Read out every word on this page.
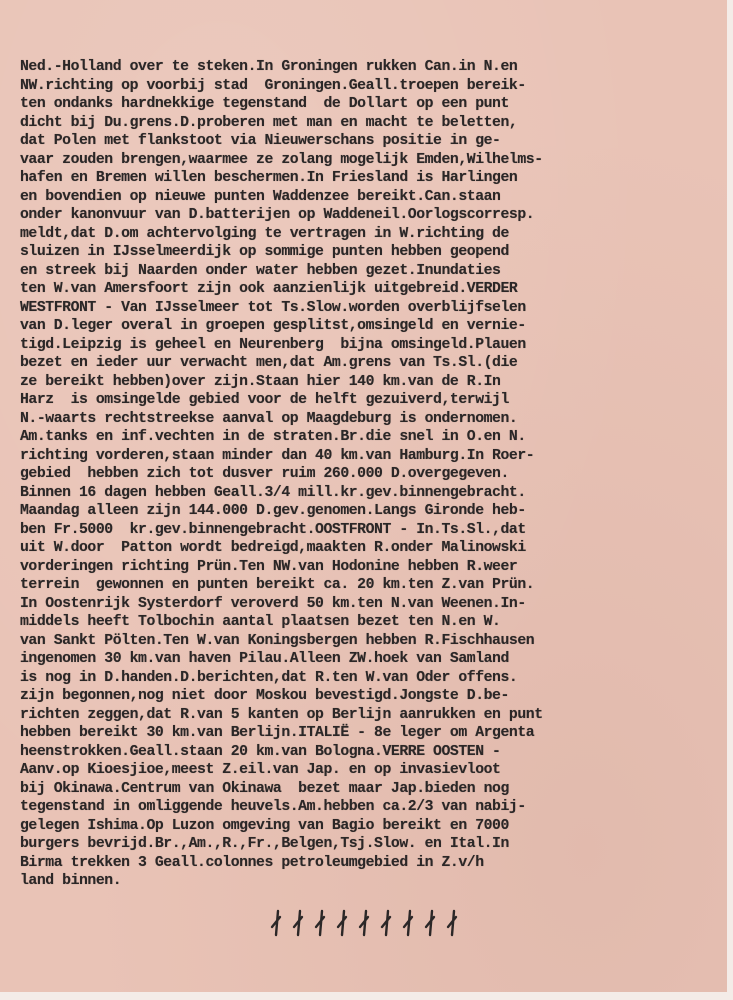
Ned.-Holland over te steken.In Groningen rukken Can.in N.en
NW.richting op voorbij stad  Groningen.Geall.troepen bereik-
ten ondanks hardnekkige tegenstand  de Dollart op een punt
dicht bij Du.grens.D.proberen met man en macht te beletten,
dat Polen met flankstoot via Nieuwerschans positie in ge-
vaar zouden brengen,waarmee ze zolang mogelijk Emden,Wilhelms-
hafen en Bremen willen beschermen.In Friesland is Harlingen
en bovendien op nieuwe punten Waddenzee bereikt.Can.staan
onder kanonvuur van D.batterijen op Waddeneil.Oorlogscorresp.
meldt,dat D.om achtervolging te vertragen in W.richting de
sluizen in IJsselmeerdijk op sommige punten hebben geopend
en streek bij Naarden onder water hebben gezet.Inundaties
ten W.van Amersfoort zijn ook aanzienlijk uitgebreid.VERDER
WESTFRONT - Van IJsselmeer tot Ts.Slow.worden overblijfselen
van D.leger overal in groepen gesplitst,omsingeld en vernie-
tigd.Leipzig is geheel en Neurenberg  bijna omsingeld.Plauen
bezet en ieder uur verwacht men,dat Am.grens van Ts.Sl.(die
ze bereikt hebben)over zijn.Staan hier 140 km.van de R.In
Harz  is omsingelde gebied voor de helft gezuiverd,terwijl
N.-waarts rechtstreekse aanval op Maagdeburg is ondernomen.
Am.tanks en inf.vechten in de straten.Br.die snel in O.en N.
richting vorderen,staan minder dan 40 km.van Hamburg.In Roer-
gebied  hebben zich tot dusver ruim 260.000 D.overgegeven.
Binnen 16 dagen hebben Geall.3/4 mill.kr.gev.binnengebracht.
Maandag alleen zijn 144.000 D.gev.genomen.Langs Gironde heb-
ben Fr.5000  kr.gev.binnengebracht.OOSTFRONT - In.Ts.Sl.,dat
uit W.door  Patton wordt bedreigd,maakten R.onder Malinowski
vorderingen richting Prün.Ten NW.van Hodonine hebben R.weer
terrein  gewonnen en punten bereikt ca. 20 km.ten Z.van Prün.
In Oostenrijk Systerdorf veroverd 50 km.ten N.van Weenen.In-
middels heeft Tolbochin aantal plaatsen bezet ten N.en W.
van Sankt Pölten.Ten W.van Koningsbergen hebben R.Fischhausen
ingenomen 30 km.van haven Pilau.Alleen ZW.hoek van Samland
is nog in D.handen.D.berichten,dat R.ten W.van Oder offens.
zijn begonnen,nog niet door Moskou bevestigd.Jongste D.be-
richten zeggen,dat R.van 5 kanten op Berlijn aanrukken en punt
hebben bereikt 30 km.van Berlijn.ITALIË - 8e leger om Argenta
heenstrokken.Geall.staan 20 km.van Bologna.VERRE OOSTEN -
Aanv.op Kioesjioe,meest Z.eil.van Jap. en op invasievloot
bij Okinawa.Centrum van Okinawa  bezet maar Jap.bieden nog
tegenstand in omliggende heuvels.Am.hebben ca.2/3 van nabij-
gelegen Ishima.Op Luzon omgeving van Bagio bereikt en 7000
burgers bevrijd.Br.,Am.,R.,Fr.,Belgen,Tsj.Slow. en Ital.In
Birma trekken 3 Geall.colonnes petroleumgebied in Z.v/h
land binnen.
